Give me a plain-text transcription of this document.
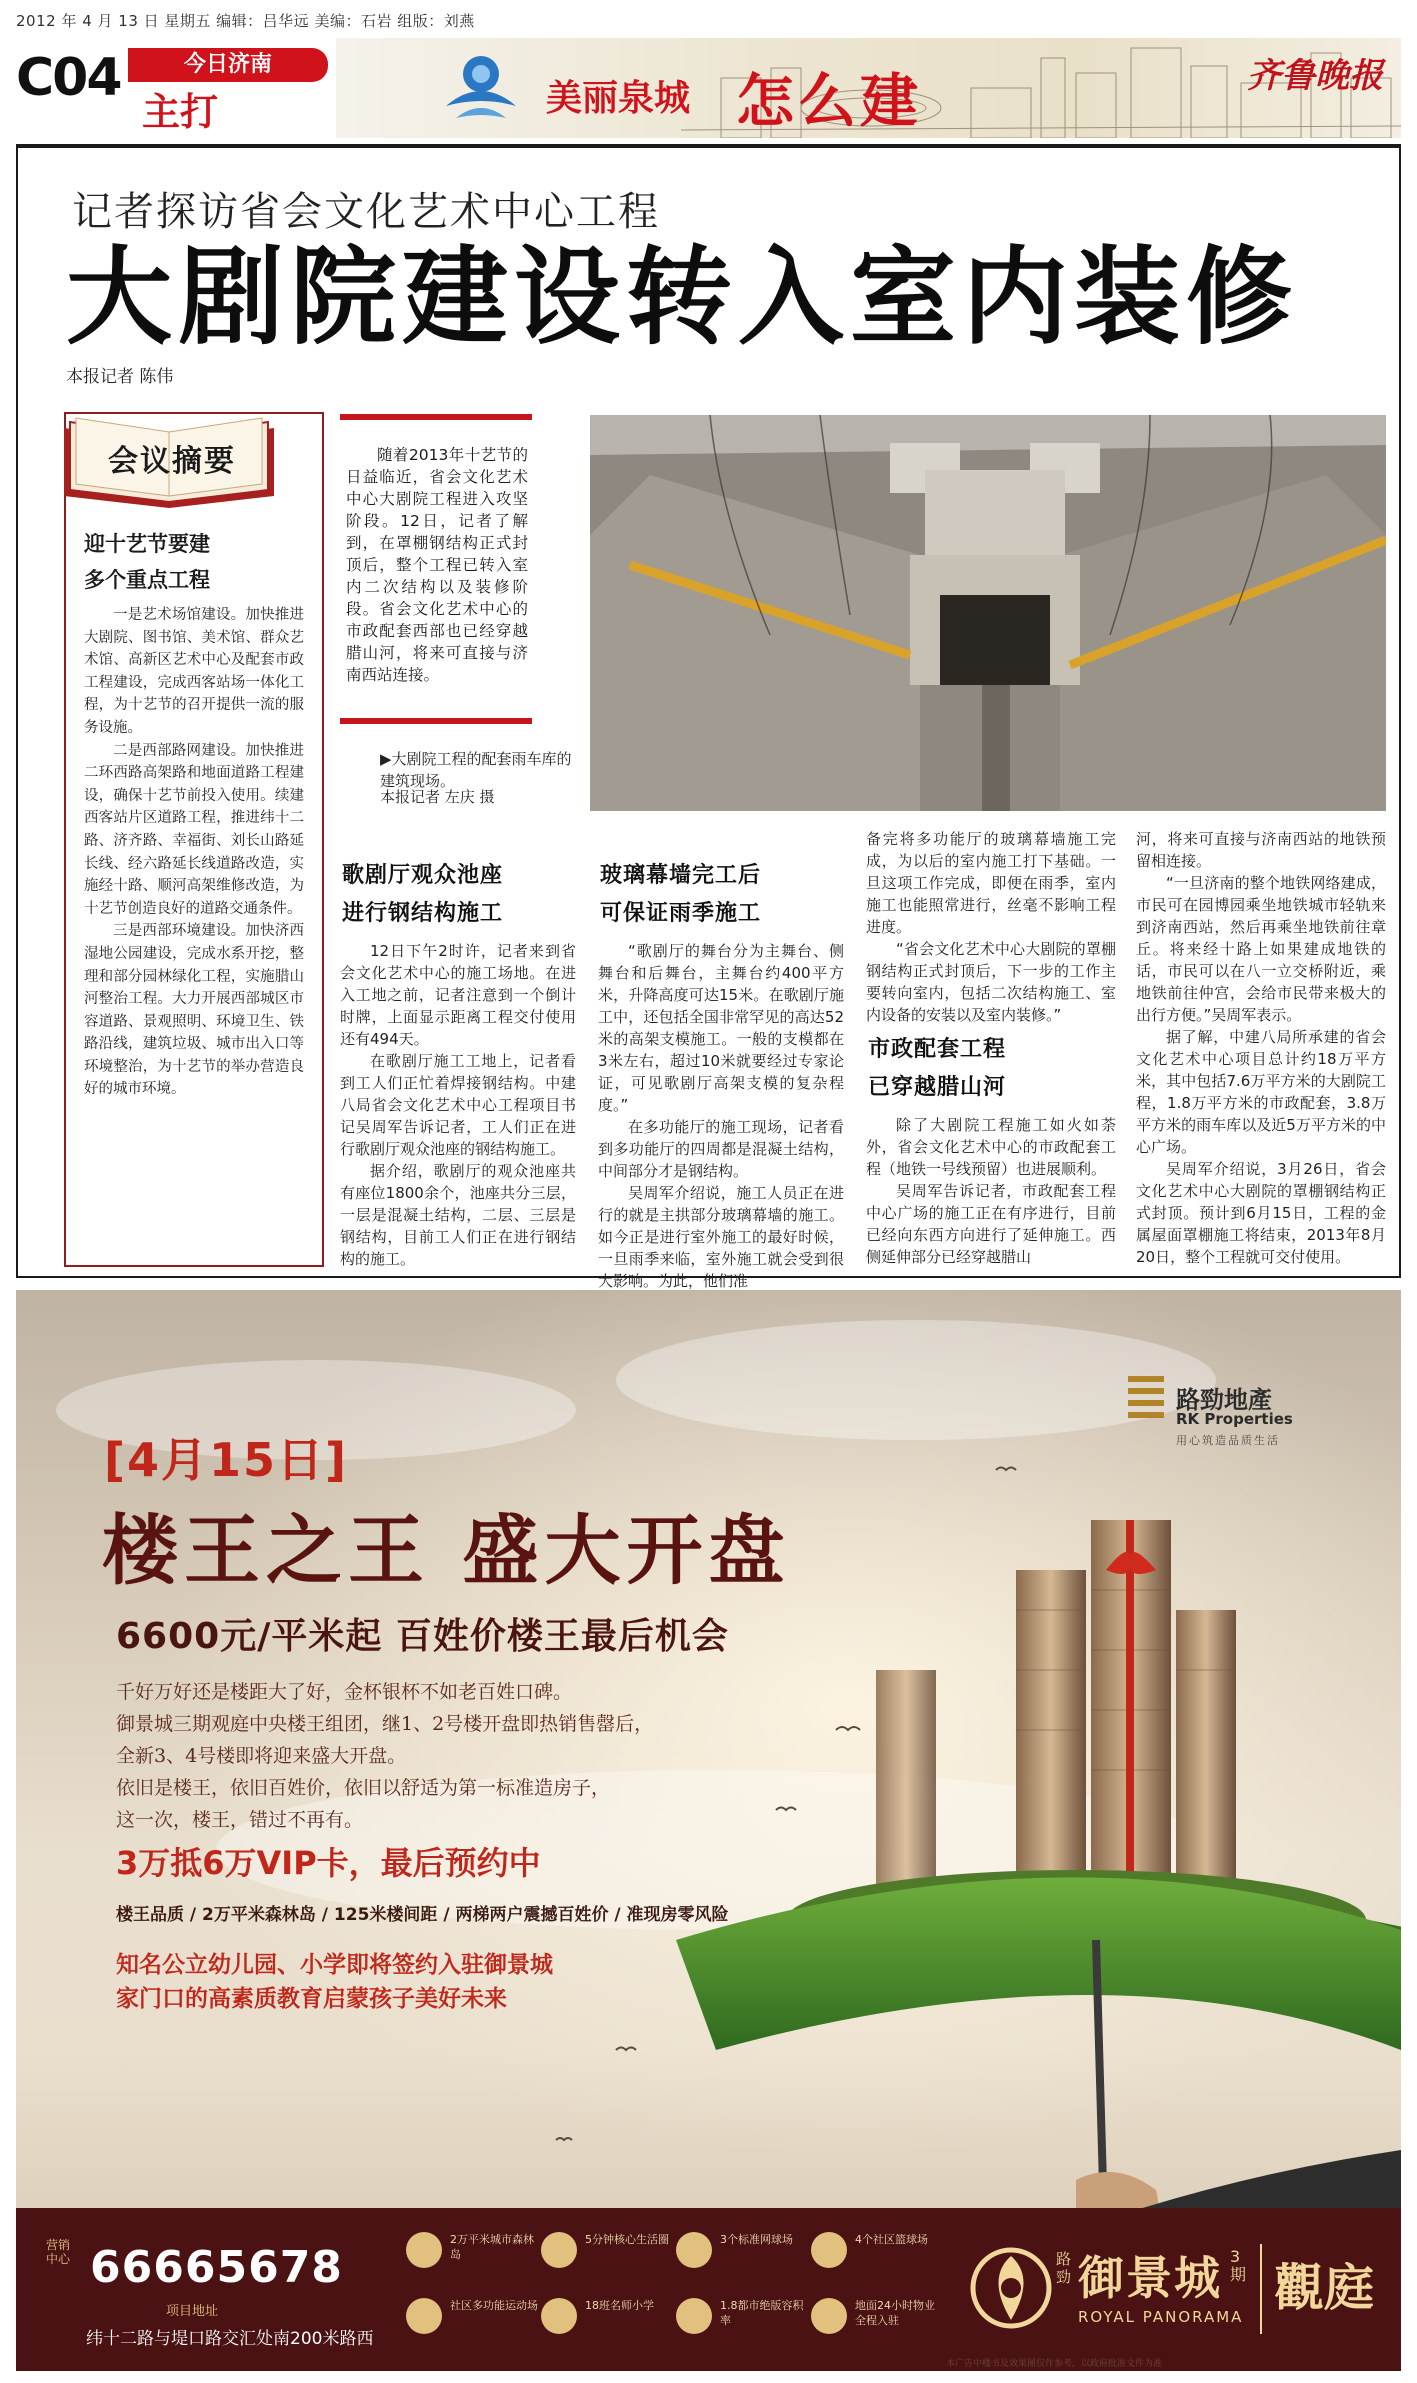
2012 年 4 月 13 日 星期五 编辑：吕华远 美编：石岩 组版：刘燕
C04	今日济南
主打	美丽泉城 怎么建	齐鲁晚报
记者探访省会文化艺术中心工程
大剧院建设转入室内装修
本报记者 陈伟
会议摘要
迎十艺节要建
多个重点工程

一是艺术场馆建设。加快推进大剧院、图书馆、美术馆、群众艺术馆、高新区艺术中心及配套市政工程建设，完成西客站场一体化工程，为十艺节的召开提供一流的服务设施。

二是西部路网建设。加快推进二环西路高架路和地面道路工程建设，确保十艺节前投入使用。续建西客站片区道路工程，推进纬十二路、济齐路、幸福街、刘长山路延长线、经六路延长线道路改造，实施经十路、顺河高架维修改造，为十艺节创造良好的道路交通条件。

三是西部环境建设。加快济西湿地公园建设，完成水系开挖，整理和部分园林绿化工程，实施腊山河整治工程。大力开展西部城区市容道路、景观照明、环境卫生、铁路沿线，建筑垃圾、城市出入口等环境整治，为十艺节的举办营造良好的城市环境。

随着2013年十艺节的日益临近，省会文化艺术中心大剧院工程进入攻坚阶段。12日，记者了解到，在罩棚钢结构正式封顶后，整个工程已转入室内二次结构以及装修阶段。省会文化艺术中心的市政配套西部也已经穿越腊山河，将来可直接与济南西站连接。
▶大剧院工程的配套雨车库的建筑现场。
本报记者 左庆 摄
歌剧厅观众池座
进行钢结构施工

12日下午2时许，记者来到省会文化艺术中心的施工场地。在进入工地之前，记者注意到一个倒计时牌，上面显示距离工程交付使用还有494天。

在歌剧厅施工工地上，记者看到工人们正忙着焊接钢结构。中建八局省会文化艺术中心工程项目书记吴周军告诉记者，工人们正在进行歌剧厅观众池座的钢结构施工。

据介绍，歌剧厅的观众池座共有座位1800余个，池座共分三层，一层是混凝土结构，二层、三层是钢结构，目前工人们正在进行钢结构的施工。

玻璃幕墙完工后
可保证雨季施工

“歌剧厅的舞台分为主舞台、侧舞台和后舞台，主舞台约400平方米，升降高度可达15米。在歌剧厅施工中，还包括全国非常罕见的高达52米的高架支模施工。一般的支模都在3米左右，超过10米就要经过专家论证，可见歌剧厅高架支模的复杂程度。”

在多功能厅的施工现场，记者看到多功能厅的四周都是混凝土结构，中间部分才是钢结构。

吴周军介绍说，施工人员正在进行的就是主拱部分玻璃幕墙的施工。如今正是进行室外施工的最好时候，一旦雨季来临，室外施工就会受到很大影响。为此，他们准

备完将多功能厅的玻璃幕墙施工完成，为以后的室内施工打下基础。一旦这项工作完成，即便在雨季，室内施工也能照常进行，丝毫不影响工程进度。

“省会文化艺术中心大剧院的罩棚钢结构正式封顶后，下一步的工作主要转向室内，包括二次结构施工、室内设备的安装以及室内装修。”

市政配套工程
已穿越腊山河

除了大剧院工程施工如火如荼外，省会文化艺术中心的市政配套工程（地铁一号线预留）也进展顺利。

吴周军告诉记者，市政配套工程中心广场的施工正在有序进行，目前已经向东西方向进行了延伸施工。西侧延伸部分已经穿越腊山

河，将来可直接与济南西站的地铁预留相连接。

“一旦济南的整个地铁网络建成，市民可在园博园乘坐地铁城市轻轨来到济南西站，然后再乘坐地铁前往章丘。将来经十路上如果建成地铁的话，市民可以在八一立交桥附近，乘地铁前往仲宫，会给市民带来极大的出行方便。”吴周军表示。

据了解，中建八局所承建的省会文化艺术中心项目总计约18万平方米，其中包括7.6万平方米的大剧院工程，1.8万平方米的市政配套，3.8万平方米的雨车库以及近5万平方米的中心广场。

吴周军介绍说，3月26日，省会文化艺术中心大剧院的罩棚钢结构正式封顶。预计到6月15日，工程的金属屋面罩棚施工将结束，2013年8月20日，整个工程就可交付使用。

路勁地產
RK Properties
用心筑造品质生活
[4月15日]
楼王之王 盛大开盘
6600元/平米起 百姓价楼王最后机会
千好万好还是楼距大了好，金杯银杯不如老百姓口碑。
御景城三期观庭中央楼王组团，继1、2号楼开盘即热销售罄后，
全新3、4号楼即将迎来盛大开盘。
依旧是楼王，依旧百姓价，依旧以舒适为第一标准造房子，
这一次，楼王，错过不再有。
3万抵6万VIP卡，最后预约中
楼王品质 / 2万平米森林岛 / 125米楼间距 / 两梯两户震撼百姓价 / 准现房零风险
知名公立幼儿园、小学即将签约入驻御景城
家门口的高素质教育启蒙孩子美好未来
营销中心 66665678
项目地址
纬十二路与堤口路交汇处南200米路西
2万平米城市森林岛
5分钟核心生活圈	3个标准网球场	4个社区篮球场
社区多功能运动场	18班名师小学	1.8都市绝版容积率
地面24小时物业全程入驻
路勁 御景城 3期
ROYAL PANORAMA 觀庭
本广告中楼书及效果图仅作参考，以政府批准文件为准
